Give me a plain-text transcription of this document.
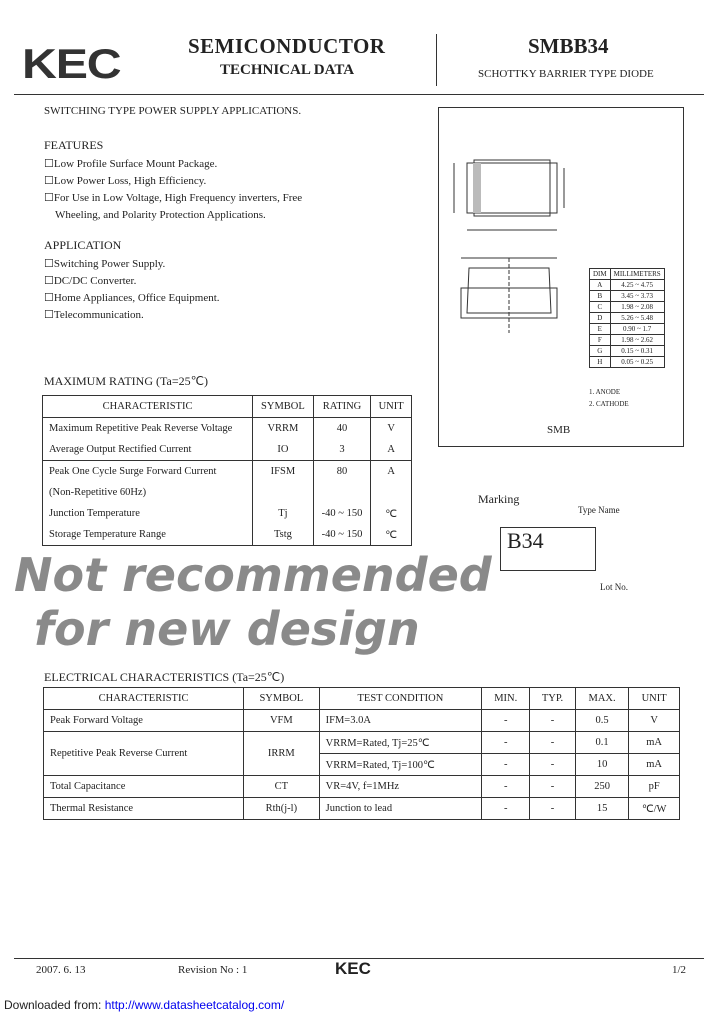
KEC	SEMICONDUCTOR
TECHNICAL DATA
SMBB34
SCHOTTKY BARRIER TYPE DIODE
SWITCHING TYPE POWER SUPPLY APPLICATIONS.
FEATURES
☐Low Profile Surface Mount Package.
☐Low Power Loss, High Efficiency.
☐For Use in Low Voltage, High Frequency inverters, Free
Wheeling, and Polarity Protection Applications.
APPLICATION
☐Switching Power Supply.
☐DC/DC Converter.
☐Home Appliances, Office Equipment.
☐Telecommunication.
MAXIMUM RATING (Ta=25℃)
CHARACTERISTIC	SYMBOL	RATING	UNIT
Maximum Repetitive Peak Reverse Voltage	VRRM	40	V
Average Output Rectified Current	IO	3	A
Peak One Cycle Surge Forward Current	IFSM	80	A
(Non-Repetitive 60Hz)			
Junction Temperature	Tj	-40 ~ 150	℃
Storage Temperature Range	Tstg	-40 ~ 150	℃
DIM	MILLIMETERS
A	4.25 ~ 4.75
B	3.45 ~ 3.73
C	1.98 ~ 2.08
D	5.26 ~ 5.48
E	0.90 ~ 1.7
F	1.98 ~ 2.62
G	0.15 ~ 0.31
H	0.05 ~ 0.25
1. ANODE
2. CATHODE
SMB
Marking
B34
Type Name
Lot No.
Not recommended
for new design
ELECTRICAL CHARACTERISTICS (Ta=25℃)
CHARACTERISTIC	SYMBOL	TEST CONDITION	MIN.	TYP.	MAX.	UNIT
Peak Forward Voltage	VFM	IFM=3.0A	-	-	0.5	V
Repetitive Peak Reverse Current	IRRM	VRRM=Rated, Tj=25℃	-	-	0.1	mA
		VRRM=Rated, Tj=100℃	-	-	10	mA
Total Capacitance	CT	VR=4V, f=1MHz	-	-	250	pF
Thermal Resistance	Rth(j-l)	Junction to lead	-	-	15	℃/W
2007. 6. 13	Revision No : 1	KEC	1/2
Downloaded from: http://www.datasheetcatalog.com/
